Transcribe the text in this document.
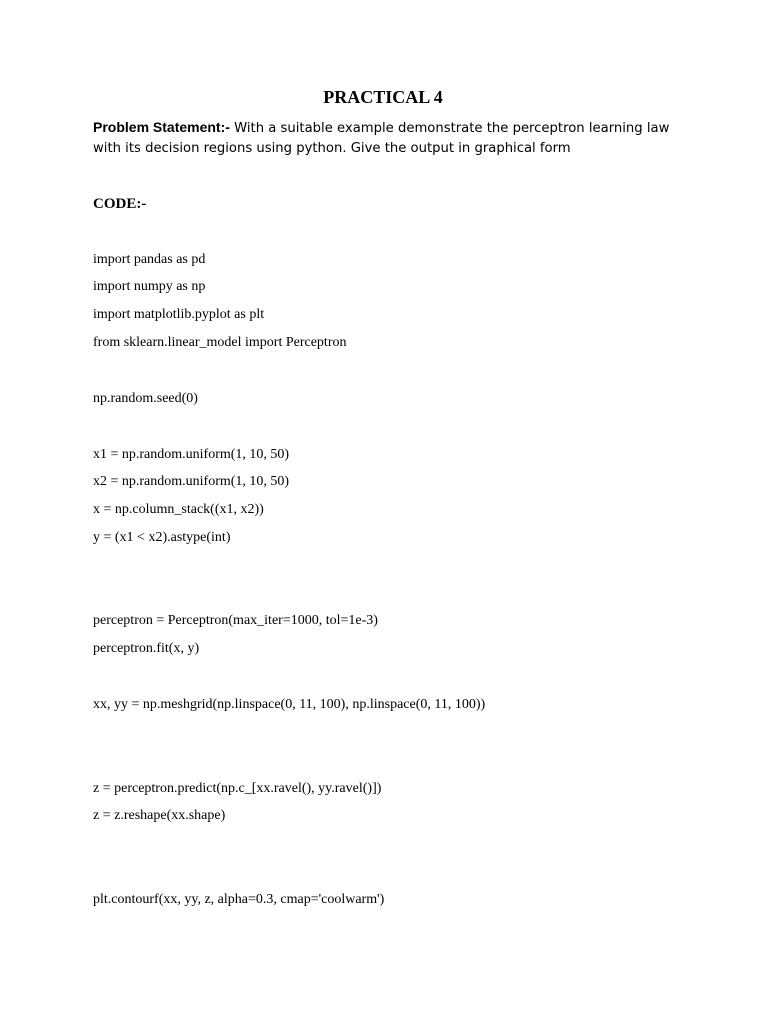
PRACTICAL 4
Problem Statement:- With a suitable example demonstrate the perceptron learning law
with its decision regions using python. Give the output in graphical form
CODE:-
import pandas as pd
import numpy as np
import matplotlib.pyplot as plt
from sklearn.linear_model import Perceptron
np.random.seed(0)
x1 = np.random.uniform(1, 10, 50)
x2 = np.random.uniform(1, 10, 50)
x = np.column_stack((x1, x2))
y = (x1 < x2).astype(int)
perceptron = Perceptron(max_iter=1000, tol=1e-3)
perceptron.fit(x, y)
xx, yy = np.meshgrid(np.linspace(0, 11, 100), np.linspace(0, 11, 100))
z = perceptron.predict(np.c_[xx.ravel(), yy.ravel()])
z = z.reshape(xx.shape)
plt.contourf(xx, yy, z, alpha=0.3, cmap='coolwarm')
